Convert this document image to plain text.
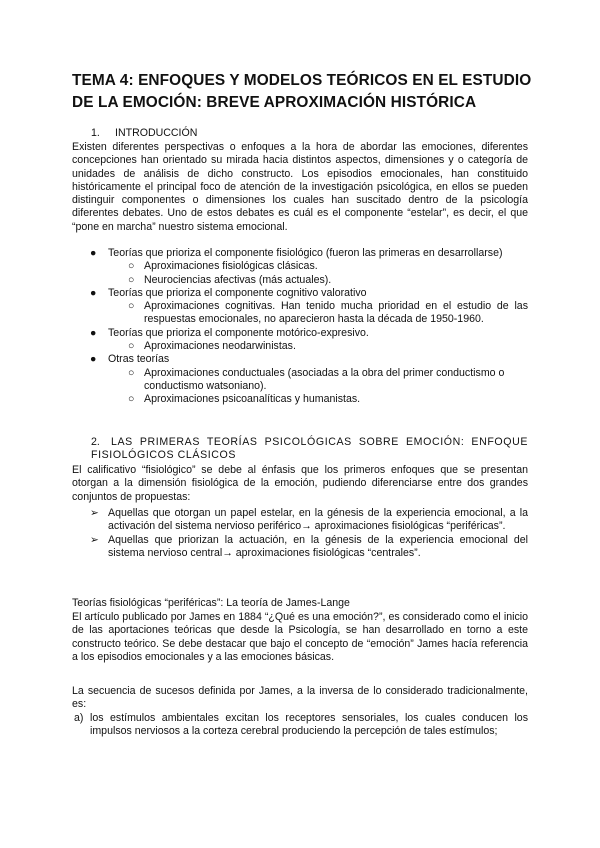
TEMA 4: ENFOQUES Y MODELOS TEÓRICOS EN EL ESTUDIO
DE LA EMOCIÓN: BREVE APROXIMACIÓN HISTÓRICA
1. INTRODUCCIÓN
Existen diferentes perspectivas o enfoques a la hora de abordar las emociones, diferentes concepciones han orientado su mirada hacia distintos aspectos, dimensiones y o categoría de unidades de análisis de dicho constructo. Los episodios emocionales, han constituido históricamente el principal foco de atención de la investigación psicológica, en ellos se pueden distinguir componentes o dimensiones los cuales han suscitado dentro de la psicología diferentes debates. Uno de estos debates es cuál es el componente “estelar”, es decir, el que “pone en marcha” nuestro sistema emocional.
● Teorías que prioriza el componente fisiológico (fueron las primeras en desarrollarse)
○ Aproximaciones fisiológicas clásicas.
○ Neurociencias afectivas (más actuales).
● Teorías que prioriza el componente cognitivo valorativo
○ Aproximaciones cognitivas. Han tenido mucha prioridad en el estudio de las respuestas emocionales, no aparecieron hasta la década de 1950-1960.
● Teorías que prioriza el componente motórico-expresivo.
○ Aproximaciones neodarwinistas.
● Otras teorías
○ Aproximaciones conductuales (asociadas a la obra del primer conductismo o conductismo watsoniano).
○ Aproximaciones psicoanalíticas y humanistas.
2. LAS PRIMERAS TEORÍAS PSICOLÓGICAS SOBRE EMOCIÓN: ENFOQUE FISIOLÓGICOS CLÁSICOS
El calificativo “fisiológico” se debe al énfasis que los primeros enfoques que se presentan otorgan a la dimensión fisiológica de la emoción, pudiendo diferenciarse entre dos grandes conjuntos de propuestas:
➢ Aquellas que otorgan un papel estelar, en la génesis de la experiencia emocional, a la activación del sistema nervioso periférico→ aproximaciones fisiológicas “periféricas”.
➢ Aquellas que priorizan la actuación, en la génesis de la experiencia emocional del sistema nervioso central→ aproximaciones fisiológicas “centrales”.
Teorías fisiológicas “periféricas”: La teoría de James-Lange
El artículo publicado por James en 1884 “¿Qué es una emoción?”, es considerado como el inicio de las aportaciones teóricas que desde la Psicología, se han desarrollado en torno a este constructo teórico. Se debe destacar que bajo el concepto de “emoción” James hacía referencia a los episodios emocionales y a las emociones básicas.
La secuencia de sucesos definida por James, a la inversa de lo considerado tradicionalmente, es:
a) los estímulos ambientales excitan los receptores sensoriales, los cuales conducen los impulsos nerviosos a la corteza cerebral produciendo la percepción de tales estímulos;
